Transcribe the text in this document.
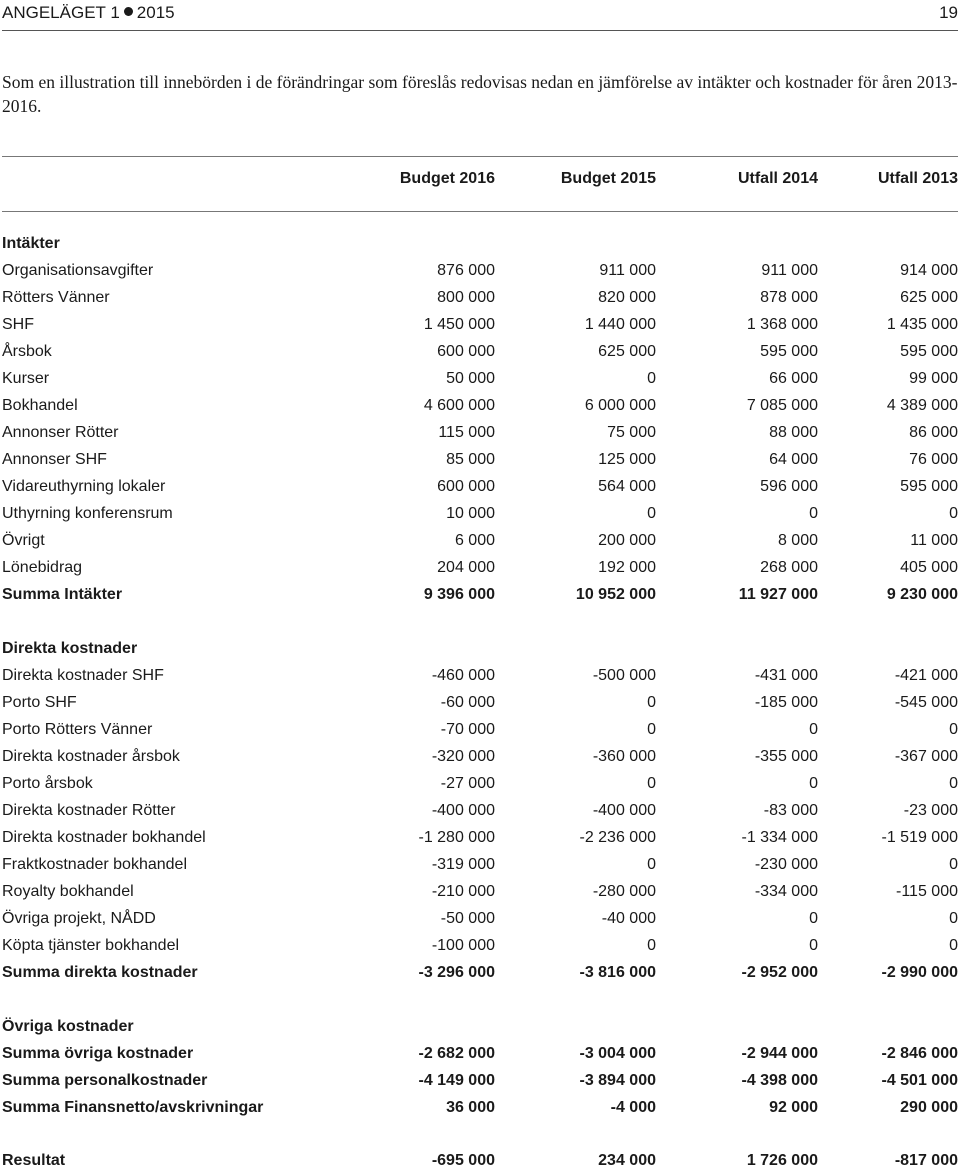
ANGELÄGET 1 2015	19
Som en illustration till innebörden i de förändringar som föreslås redovisas nedan en jämförelse av intäkter och kostnader för åren 2013-2016.
Budget 2016	Budget 2015	Utfall 2014	Utfall 2013
Intäkter
Organisationsavgifter	876 000	911 000	911 000	914 000
Rötters Vänner	800 000	820 000	878 000	625 000
SHF	1 450 000	1 440 000	1 368 000	1 435 000
Årsbok	600 000	625 000	595 000	595 000
Kurser	50 000	0	66 000	99 000
Bokhandel	4 600 000	6 000 000	7 085 000	4 389 000
Annonser Rötter	115 000	75 000	88 000	86 000
Annonser SHF	85 000	125 000	64 000	76 000
Vidareuthyrning lokaler	600 000	564 000	596 000	595 000
Uthyrning konferensrum	10 000	0	0	0
Övrigt	6 000	200 000	8 000	11 000
Lönebidrag	204 000	192 000	268 000	405 000
Summa Intäkter	9 396 000	10 952 000	11 927 000	9 230 000
Direkta kostnader
Direkta kostnader SHF	-460 000	-500 000	-431 000	-421 000
Porto SHF	-60 000	0	-185 000	-545 000
Porto Rötters Vänner	-70 000	0	0	0
Direkta kostnader årsbok	-320 000	-360 000	-355 000	-367 000
Porto årsbok	-27 000	0	0	0
Direkta kostnader Rötter	-400 000	-400 000	-83 000	-23 000
Direkta kostnader bokhandel	-1 280 000	-2 236 000	-1 334 000	-1 519 000
Fraktkostnader bokhandel	-319 000	0	-230 000	0
Royalty bokhandel	-210 000	-280 000	-334 000	-115 000
Övriga projekt, NÅDD	-50 000	-40 000	0	0
Köpta tjänster bokhandel	-100 000	0	0	0
Summa direkta kostnader	-3 296 000	-3 816 000	-2 952 000	-2 990 000
Övriga kostnader
Summa övriga kostnader	-2 682 000	-3 004 000	-2 944 000	-2 846 000
Summa personalkostnader	-4 149 000	-3 894 000	-4 398 000	-4 501 000
Summa Finansnetto/avskrivningar	36 000	-4 000	92 000	290 000
Resultat	-695 000	234 000	1 726 000	-817 000
